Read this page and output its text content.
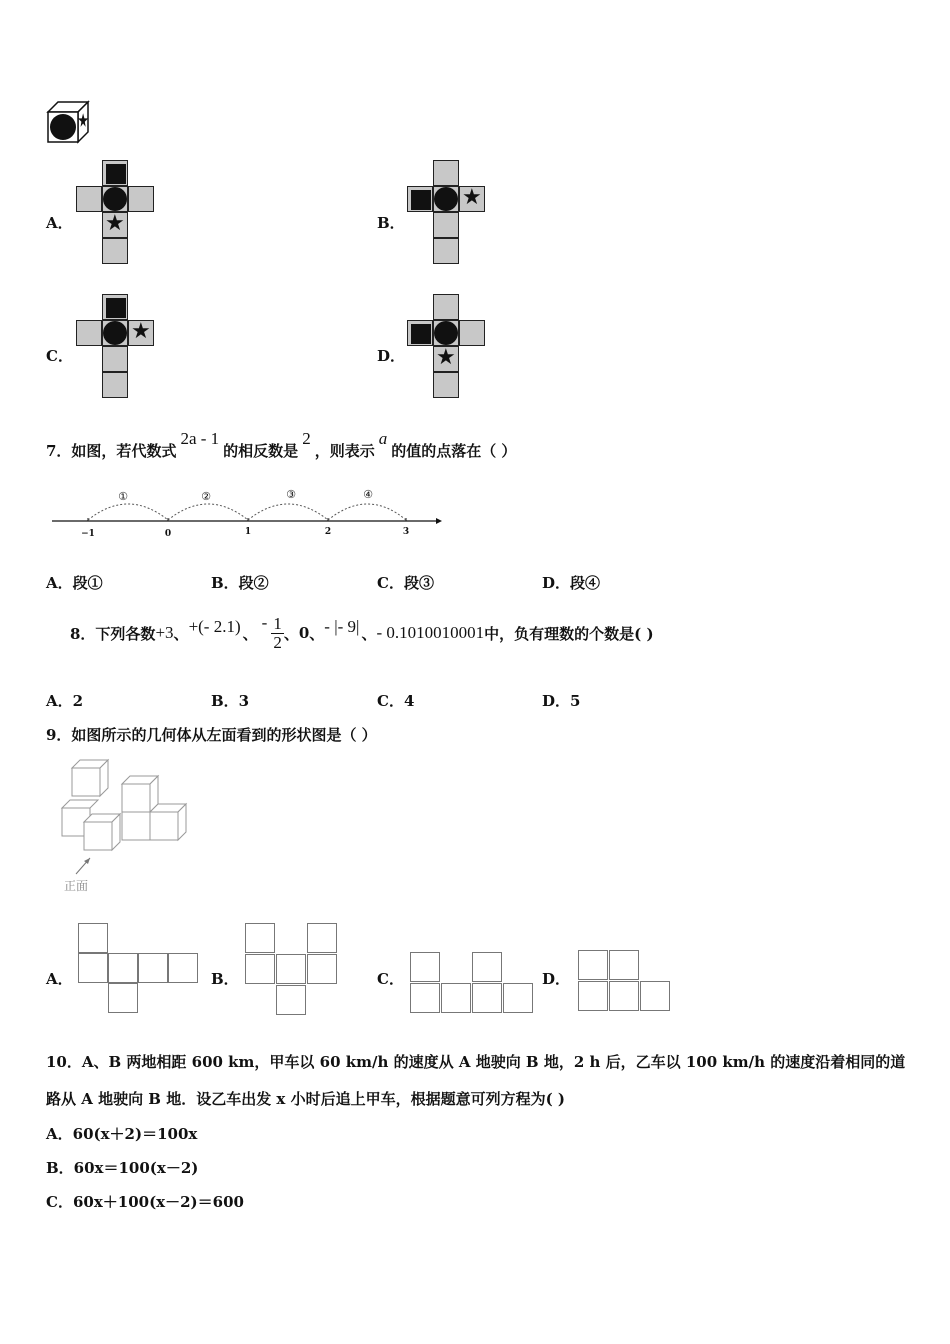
A． ★	B．
★
C．
★
D． ★
7．如图，若代数式2a - 1的相反数是2，则表示a的值的点落在（ ）
①	②	③	④
−1	0	1	2	3
A．段①	B．段②	C．段③	D．段④
8．下列各数 +3 、 +(- 2.1) 、
- $\frac{1}{2}$ 、 0 、 - |- 9| 、 - 0.1010010001 中，负有理数的个数是( )
A．2	B．3	C．4	D．5
9．如图所示的几何体从左面看到的形状图是（ ）
正面
A．	B．	C．	D．
10．A、B 两地相距 600 km，甲车以 60 km/h 的速度从 A 地驶向 B 地，2 h 后，乙车以 100 km/h 的速度沿着相同的道
路从 A 地驶向 B 地．设乙车出发 x 小时后追上甲车，根据题意可列方程为( )
A．60(x＋2)＝100x
B．60x＝100(x－2)
C．60x＋100(x－2)＝600
